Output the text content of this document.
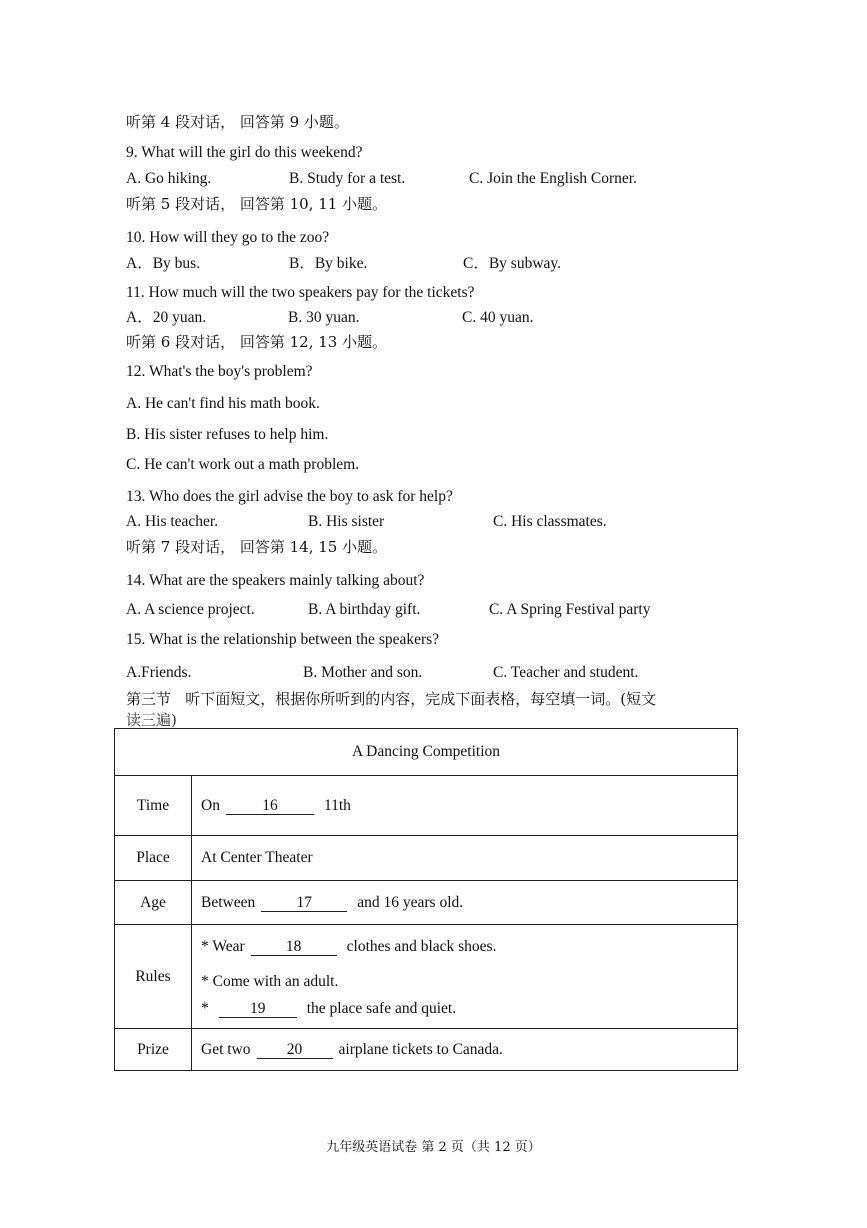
听第 4 段对话， 回答第 9 小题。
9. What will the girl do this weekend?
A. Go hiking.	B. Study for a test.	C. Join the English Corner.
听第 5 段对话， 回答第 10, 11 小题。
10. How will they go to the zoo?
A．By bus.	B．By bike.	C．By subway.
11. How much will the two speakers pay for the tickets?
A．20 yuan.	B. 30 yuan.	C. 40 yuan.
听第 6 段对话， 回答第 12, 13 小题。
12. What's the boy's problem?
A. He can't find his math book.
B. His sister refuses to help him.
C. He can't work out a math problem.
13. Who does the girl advise the boy to ask for help?
A. His teacher.	B. His sister	C. His classmates.
听第 7 段对话， 回答第 14, 15 小题。
14. What are the speakers mainly talking about?
A. A science project.	B. A birthday gift.	C. A Spring Festival party
15. What is the relationship between the speakers?
A.Friends.	B. Mother and son.	C. Teacher and student.
第三节   听下面短文，根据你所听到的内容，完成下面表格，每空填一词。(短文
读三遍)
A Dancing Competition	
Time	On 16 11th
Place	At Center Theater
Age	Between 17 and 16 years old.
Rules	* Wear 18 clothes and black shoes.
* Come with an adult.
* 19 the place safe and quiet.

Prize	Get two 20 airplane tickets to Canada.
九年级英语试卷 第 2 页（共 12 页）
